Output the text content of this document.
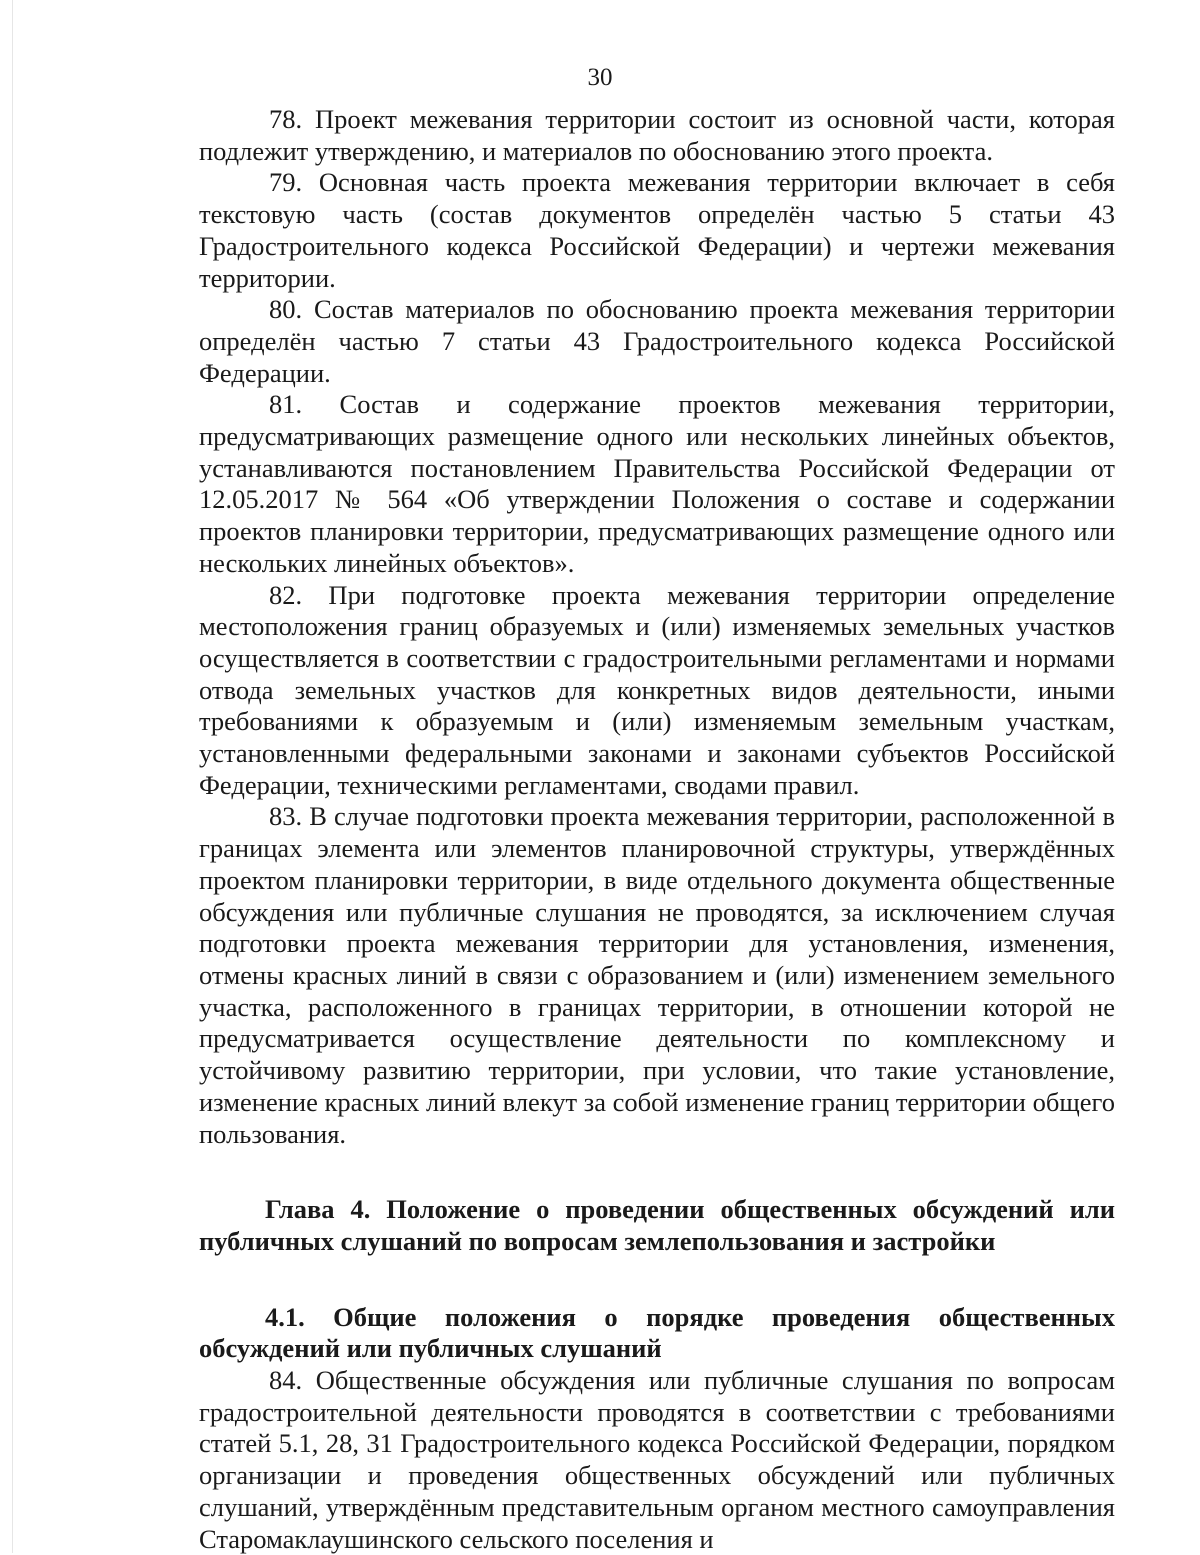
30

78. Проект межевания территории состоит из основной части, которая подлежит утверждению, и материалов по обоснованию этого проекта.

79. Основная часть проекта межевания территории включает в себя текстовую часть (состав документов определён частью 5 статьи 43 Градостроительного кодекса Российской Федерации) и чертежи межевания территории.

80. Состав материалов по обоснованию проекта межевания территории определён частью 7 статьи 43 Градостроительного кодекса Российской Федерации.

81. Состав и содержание проектов межевания территории, предусматривающих размещение одного или нескольких линейных объектов, устанавливаются постановлением Правительства Российской Федерации от 12.05.2017 № 564 «Об утверждении Положения о составе и содержании проектов планировки территории, предусматривающих размещение одного или нескольких линейных объектов».

82. При подготовке проекта межевания территории определение местоположения границ образуемых и (или) изменяемых земельных участков осуществляется в соответствии с градостроительными регламентами и нормами отвода земельных участков для конкретных видов деятельности, иными требованиями к образуемым и (или) изменяемым земельным участкам, установленными федеральными законами и законами субъектов Российской Федерации, техническими регламентами, сводами правил.

83. В случае подготовки проекта межевания территории, расположенной в границах элемента или элементов планировочной структуры, утверждённых проектом планировки территории, в виде отдельного документа общественные обсуждения или публичные слушания не проводятся, за исключением случая подготовки проекта межевания территории для установления, изменения, отмены красных линий в связи с образованием и (или) изменением земельного участка, расположенного в границах территории, в отношении которой не предусматривается осуществление деятельности по комплексному и устойчивому развитию территории, при условии, что такие установление, изменение красных линий влекут за собой изменение границ территории общего пользования.

Глава 4. Положение о проведении общественных обсуждений или публичных слушаний по вопросам землепользования и застройки

4.1. Общие положения о порядке проведения общественных обсуждений или публичных слушаний

84. Общественные обсуждения или публичные слушания по вопросам градостроительной деятельности проводятся в соответствии с требованиями статей 5.1, 28, 31 Градостроительного кодекса Российской Федерации, порядком организации и проведения общественных обсуждений или публичных слушаний, утверждённым представительным органом местного самоуправления Старомаклаушинского сельского поселения и
